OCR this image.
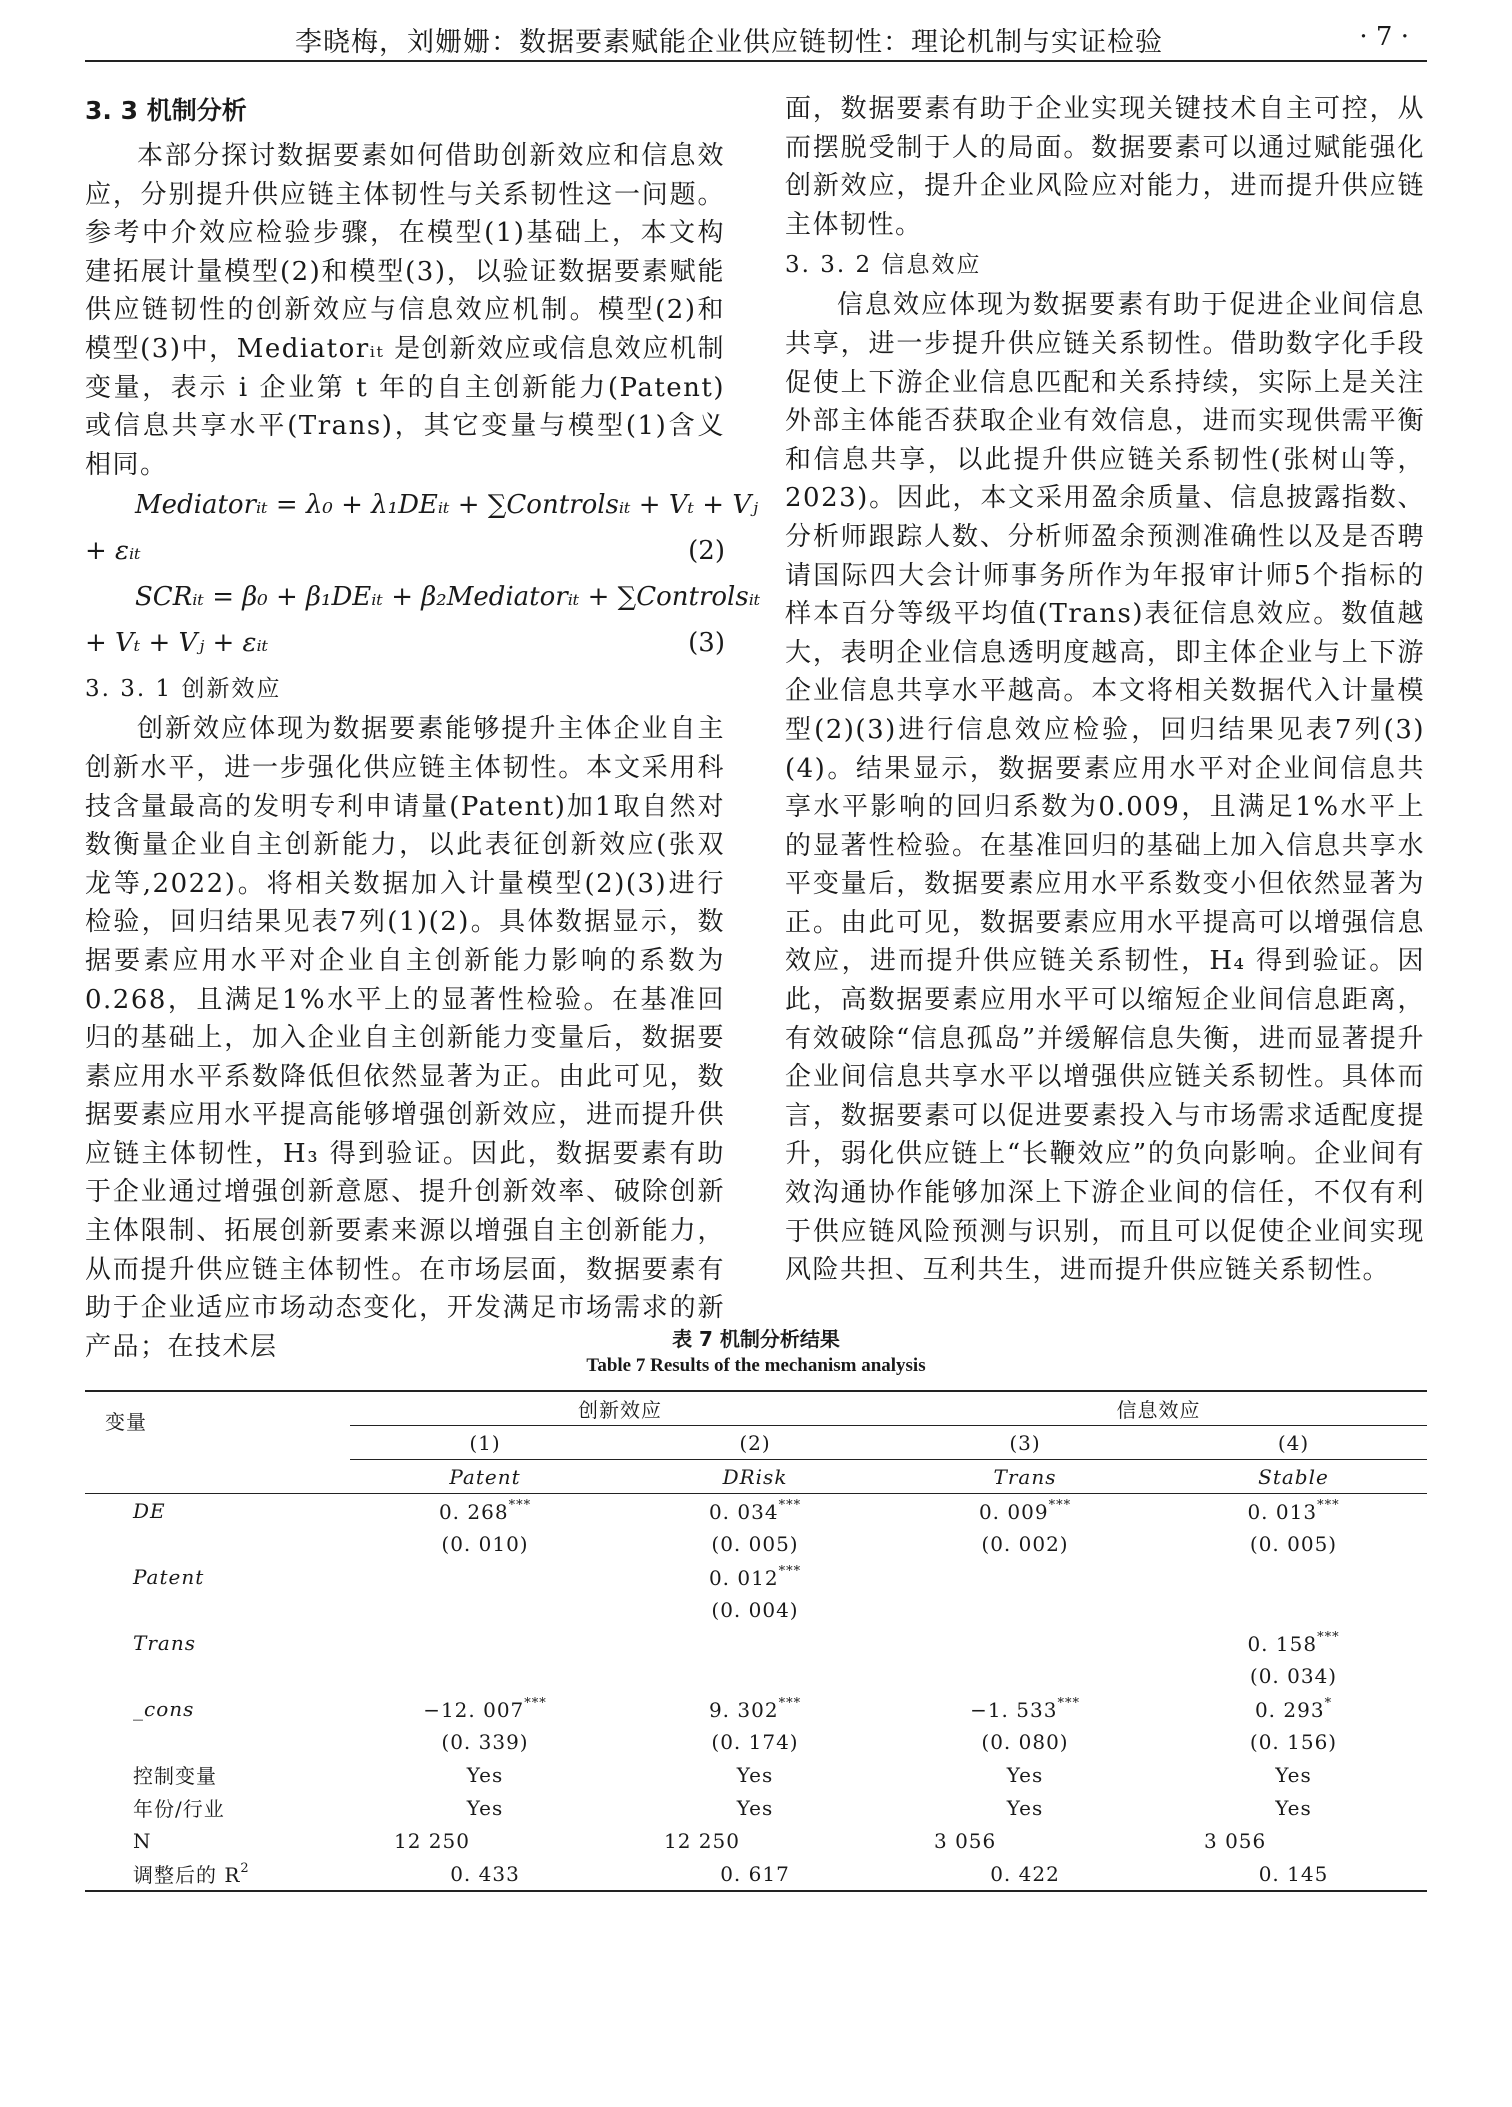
李晓梅，刘姗姗：数据要素赋能企业供应链韧性：理论机制与实证检验	· 7 ·
3. 3 机制分析

本部分探讨数据要素如何借助创新效应和信息效应，分别提升供应链主体韧性与关系韧性这一问题。参考中介效应检验步骤，在模型(1)基础上，本文构建拓展计量模型(2)和模型(3)，以验证数据要素赋能供应链韧性的创新效应与信息效应机制。模型(2)和模型(3)中，Mediatorᵢₜ 是创新效应或信息效应机制变量，表示 i 企业第 t 年的自主创新能力(Patent)或信息共享水平(Trans)，其它变量与模型(1)含义相同。

Mediatorᵢₜ = λ₀ + λ₁DEᵢₜ + ∑Controlsᵢₜ + Vₜ + Vⱼ
+ εᵢₜ	(2)
SCRᵢₜ = β₀ + β₁DEᵢₜ + β₂Mediatorᵢₜ + ∑Controlsᵢₜ
+ Vₜ + Vⱼ + εᵢₜ	(3)
3. 3. 1 创新效应

创新效应体现为数据要素能够提升主体企业自主创新水平，进一步强化供应链主体韧性。本文采用科技含量最高的发明专利申请量(Patent)加1取自然对数衡量企业自主创新能力，以此表征创新效应(张双龙等,2022)。将相关数据加入计量模型(2)(3)进行检验，回归结果见表7列(1)(2)。具体数据显示，数据要素应用水平对企业自主创新能力影响的系数为0.268，且满足1%水平上的显著性检验。在基准回归的基础上，加入企业自主创新能力变量后，数据要素应用水平系数降低但依然显著为正。由此可见，数据要素应用水平提高能够增强创新效应，进而提升供应链主体韧性，H₃ 得到验证。因此，数据要素有助于企业通过增强创新意愿、提升创新效率、破除创新主体限制、拓展创新要素来源以增强自主创新能力，从而提升供应链主体韧性。在市场层面，数据要素有助于企业适应市场动态变化，开发满足市场需求的新产品；在技术层

面，数据要素有助于企业实现关键技术自主可控，从而摆脱受制于人的局面。数据要素可以通过赋能强化创新效应，提升企业风险应对能力，进而提升供应链主体韧性。

3. 3. 2 信息效应

信息效应体现为数据要素有助于促进企业间信息共享，进一步提升供应链关系韧性。借助数字化手段促使上下游企业信息匹配和关系持续，实际上是关注外部主体能否获取企业有效信息，进而实现供需平衡和信息共享，以此提升供应链关系韧性(张树山等，2023)。因此，本文采用盈余质量、信息披露指数、分析师跟踪人数、分析师盈余预测准确性以及是否聘请国际四大会计师事务所作为年报审计师5个指标的样本百分等级平均值(Trans)表征信息效应。数值越大，表明企业信息透明度越高，即主体企业与上下游企业信息共享水平越高。本文将相关数据代入计量模型(2)(3)进行信息效应检验，回归结果见表7列(3)(4)。结果显示，数据要素应用水平对企业间信息共享水平影响的回归系数为0.009，且满足1%水平上的显著性检验。在基准回归的基础上加入信息共享水平变量后，数据要素应用水平系数变小但依然显著为正。由此可见，数据要素应用水平提高可以增强信息效应，进而提升供应链关系韧性，H₄ 得到验证。因此，高数据要素应用水平可以缩短企业间信息距离，有效破除“信息孤岛”并缓解信息失衡，进而显著提升企业间信息共享水平以增强供应链关系韧性。具体而言，数据要素可以促进要素投入与市场需求适配度提升，弱化供应链上“长鞭效应”的负向影响。企业间有效沟通协作能够加深上下游企业间的信任，不仅有利于供应链风险预测与识别，而且可以促使企业间实现风险共担、互利共生，进而提升供应链关系韧性。

表 7 机制分析结果
Table 7 Results of the mechanism analysis
变量	创新效应		信息效应	
	(1)	(2)	(3)	(4)
	Patent	DRisk	Trans	Stable
DE	0. 268***	0. 034***	0. 009***	0. 013***
	(0. 010)	(0. 005)	(0. 002)	(0. 005)
Patent		0. 012***		
		(0. 004)		
Trans				0. 158***
				(0. 034)
_cons	−12. 007***	9. 302***	−1. 533***	0. 293*
	(0. 339)	(0. 174)	(0. 080)	(0. 156)
控制变量	Yes	Yes	Yes	Yes
年份/行业	Yes	Yes	Yes	Yes
N	12 250	12 250	3 056	3 056
调整后的 $R^2$	0. 433	0. 617	0. 422	0. 145
